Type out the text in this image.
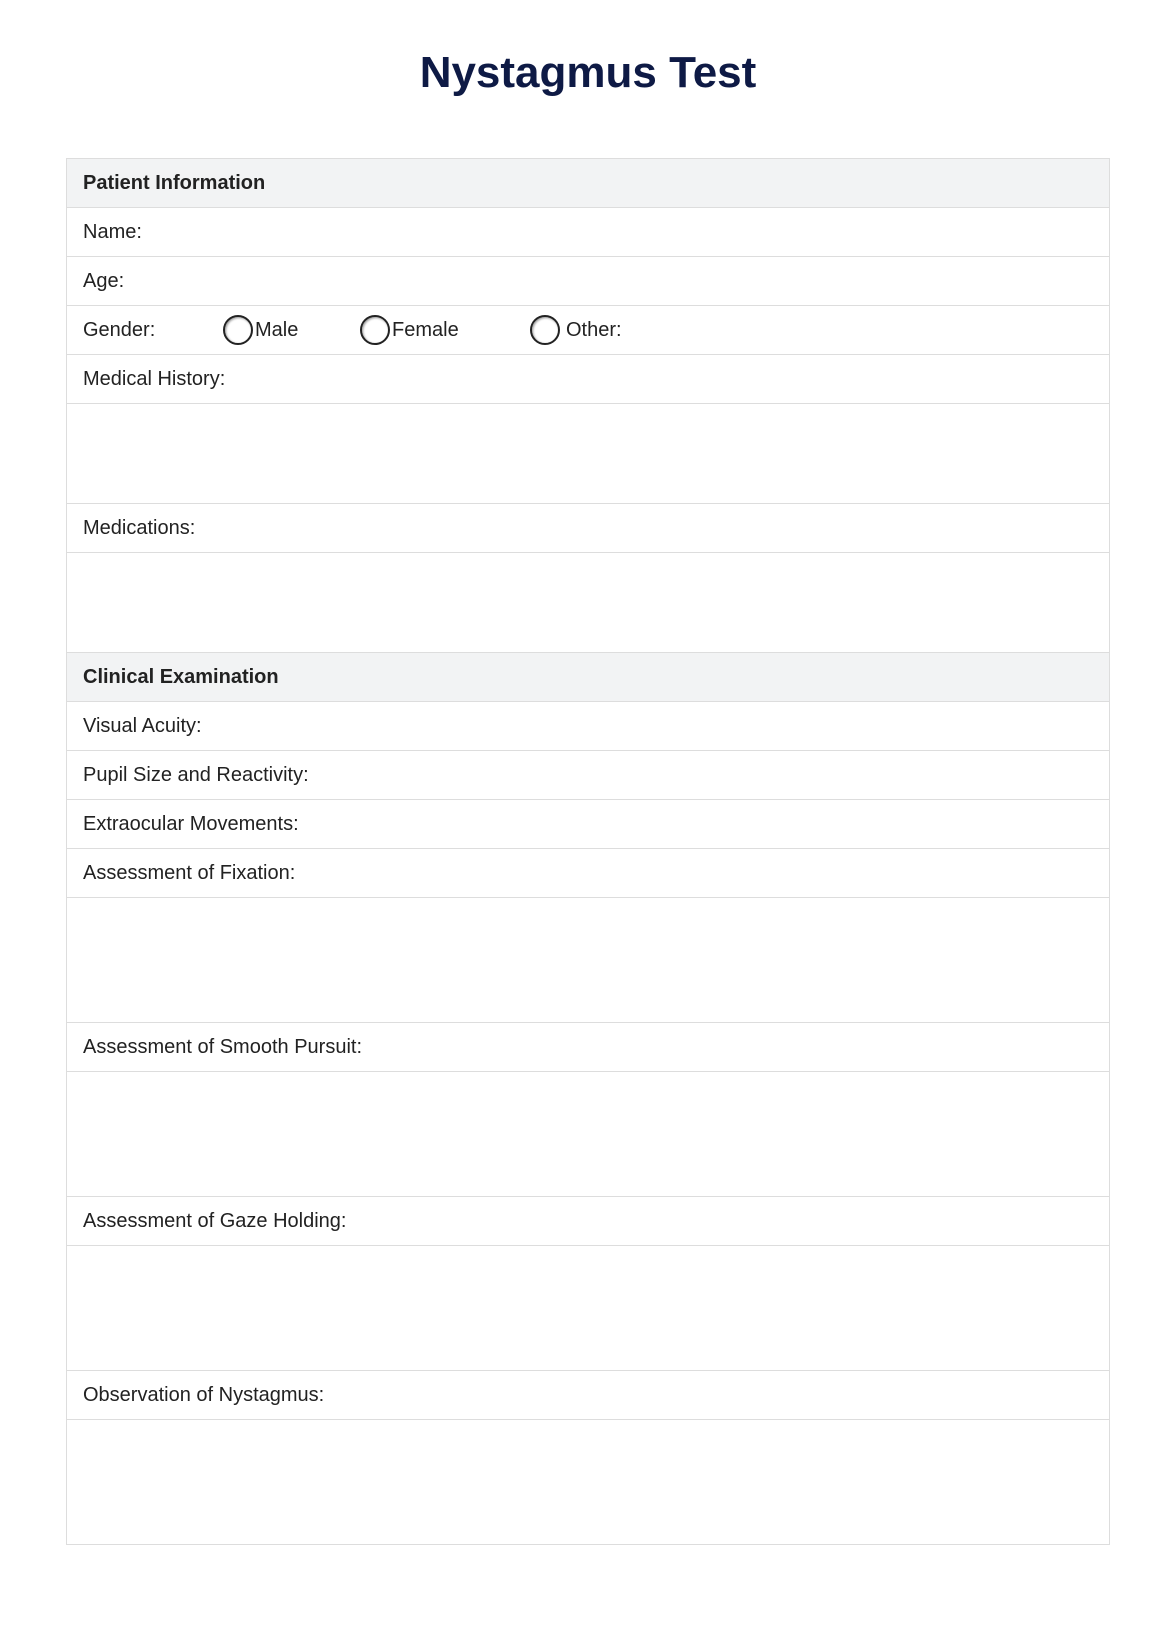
Nystagmus Test
Patient Information
Name:
Age:
Gender:	Male	Female	Other:
Medical History:
Medications:
Clinical Examination
Visual Acuity:
Pupil Size and Reactivity:
Extraocular Movements:
Assessment of Fixation:
Assessment of Smooth Pursuit:
Assessment of Gaze Holding:
Observation of Nystagmus:
